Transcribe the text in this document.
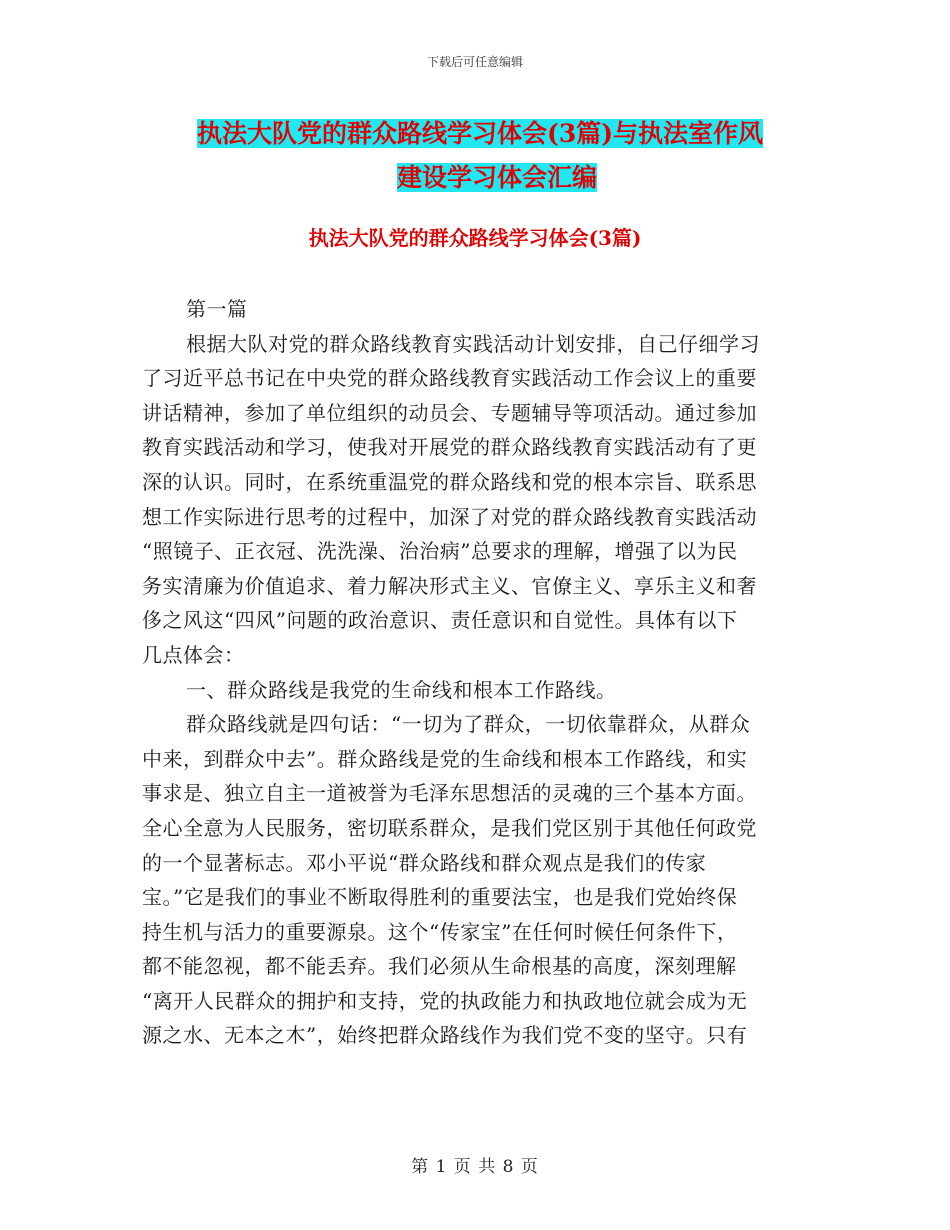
下载后可任意编辑
执法大队党的群众路线学习体会(3篇)与执法室作风
建设学习体会汇编
执法大队党的群众路线学习体会(3篇)
第一篇
根据大队对党的群众路线教育实践活动计划安排，自己仔细学习
了习近平总书记在中央党的群众路线教育实践活动工作会议上的重要
讲话精神，参加了单位组织的动员会、专题辅导等项活动。通过参加
教育实践活动和学习，使我对开展党的群众路线教育实践活动有了更
深的认识。同时，在系统重温党的群众路线和党的根本宗旨、联系思
想工作实际进行思考的过程中，加深了对党的群众路线教育实践活动
“照镜子、正衣冠、洗洗澡、治治病”总要求的理解，增强了以为民
务实清廉为价值追求、着力解决形式主义、官僚主义、享乐主义和奢
侈之风这“四风”问题的政治意识、责任意识和自觉性。具体有以下
几点体会：
一、群众路线是我党的生命线和根本工作路线。
群众路线就是四句话：“一切为了群众，一切依靠群众，从群众
中来，到群众中去”。群众路线是党的生命线和根本工作路线，和实
事求是、独立自主一道被誉为毛泽东思想活的灵魂的三个基本方面。
全心全意为人民服务，密切联系群众，是我们党区别于其他任何政党
的一个显著标志。邓小平说“群众路线和群众观点是我们的传家
宝。”它是我们的事业不断取得胜利的重要法宝，也是我们党始终保
持生机与活力的重要源泉。这个“传家宝”在任何时候任何条件下，
都不能忽视，都不能丢弃。我们必须从生命根基的高度，深刻理解
“离开人民群众的拥护和支持，党的执政能力和执政地位就会成为无
源之水、无本之木”，始终把群众路线作为我们党不变的坚守。只有
第 1 页 共 8 页
